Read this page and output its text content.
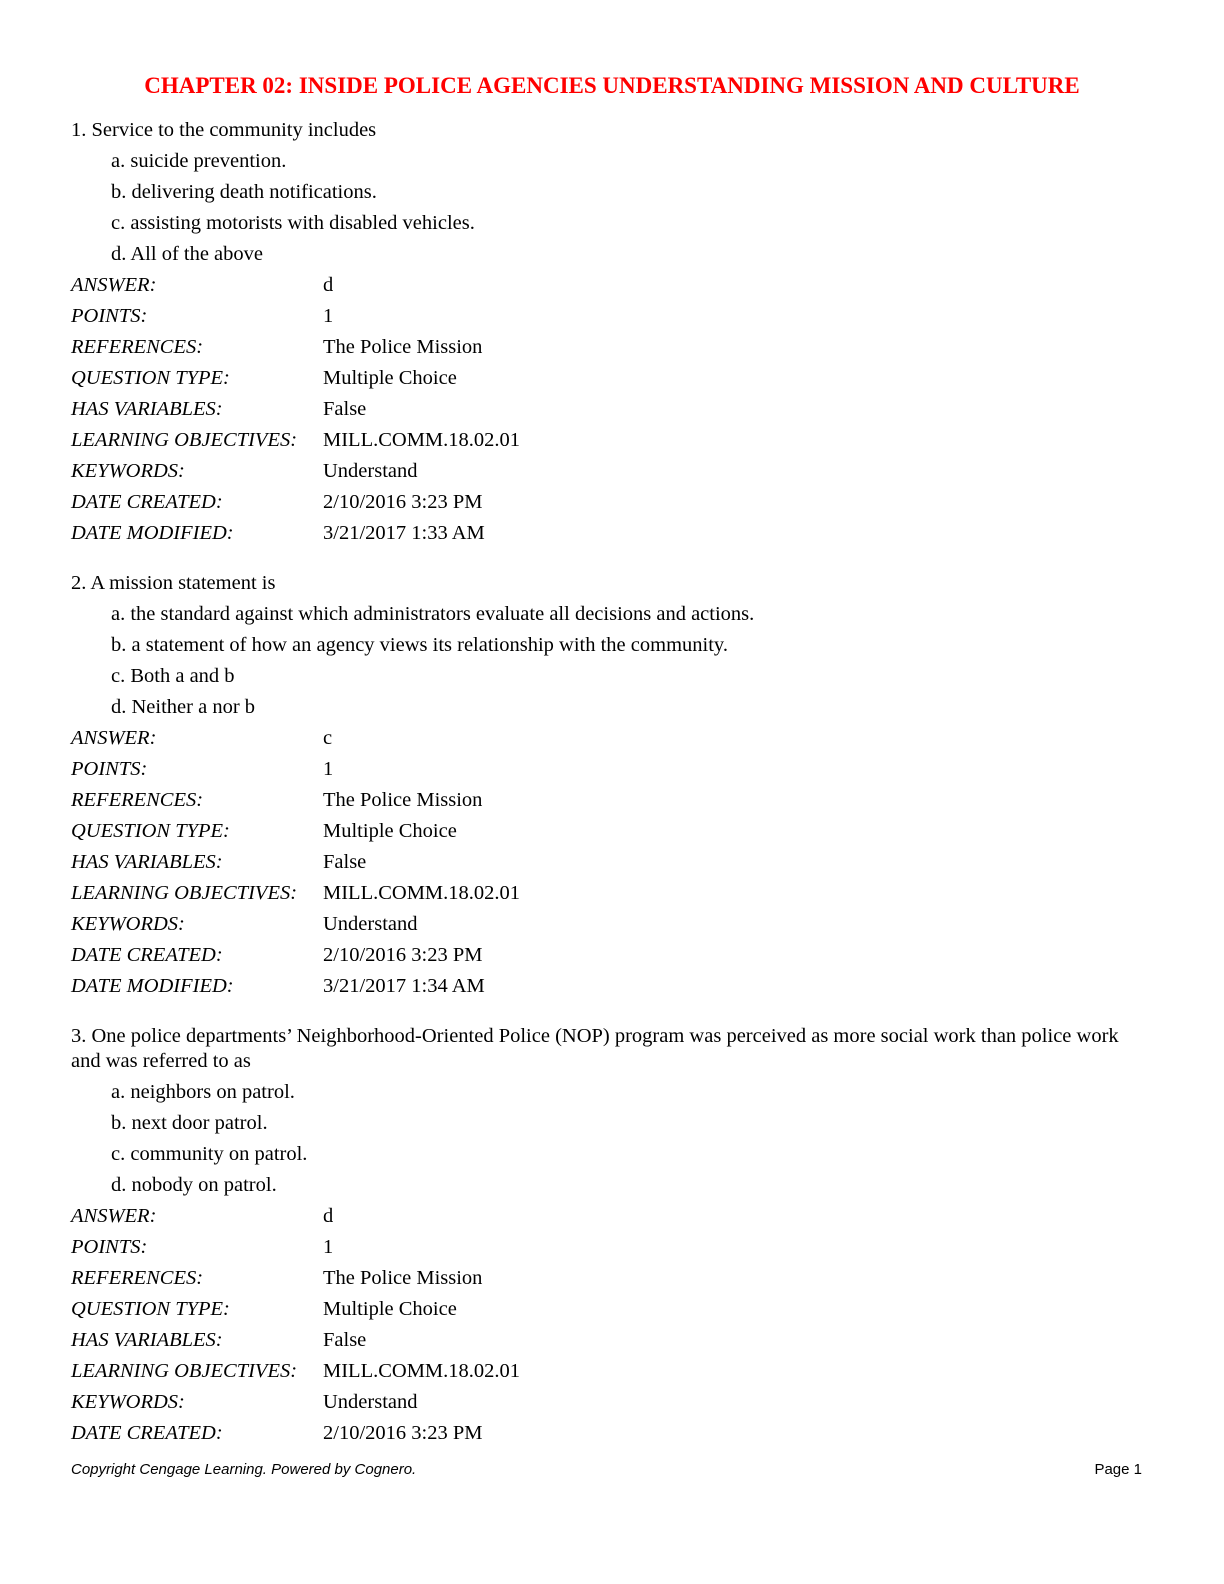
CHAPTER 02: INSIDE POLICE AGENCIES UNDERSTANDING MISSION AND CULTURE
1. Service to the community includes
a. suicide prevention.
b. delivering death notifications.
c. assisting motorists with disabled vehicles.
d. All of the above
ANSWER:	d
POINTS:	1
REFERENCES:	The Police Mission
QUESTION TYPE:	Multiple Choice
HAS VARIABLES:	False
LEARNING OBJECTIVES:	MILL.COMM.18.02.01
KEYWORDS:	Understand
DATE CREATED:	2/10/2016 3:23 PM
DATE MODIFIED:	3/21/2017 1:33 AM
2. A mission statement is
a. the standard against which administrators evaluate all decisions and actions.
b. a statement of how an agency views its relationship with the community.
c. Both a and b
d. Neither a nor b
ANSWER:	c
POINTS:	1
REFERENCES:	The Police Mission
QUESTION TYPE:	Multiple Choice
HAS VARIABLES:	False
LEARNING OBJECTIVES:	MILL.COMM.18.02.01
KEYWORDS:	Understand
DATE CREATED:	2/10/2016 3:23 PM
DATE MODIFIED:	3/21/2017 1:34 AM
3. One police departments’ Neighborhood-Oriented Police (NOP) program was perceived as more social work than police work and was referred to as
a. neighbors on patrol.
b. next door patrol.
c. community on patrol.
d. nobody on patrol.
ANSWER:	d
POINTS:	1
REFERENCES:	The Police Mission
QUESTION TYPE:	Multiple Choice
HAS VARIABLES:	False
LEARNING OBJECTIVES:	MILL.COMM.18.02.01
KEYWORDS:	Understand
DATE CREATED:	2/10/2016 3:23 PM
Copyright Cengage Learning. Powered by Cognero.	Page 1
